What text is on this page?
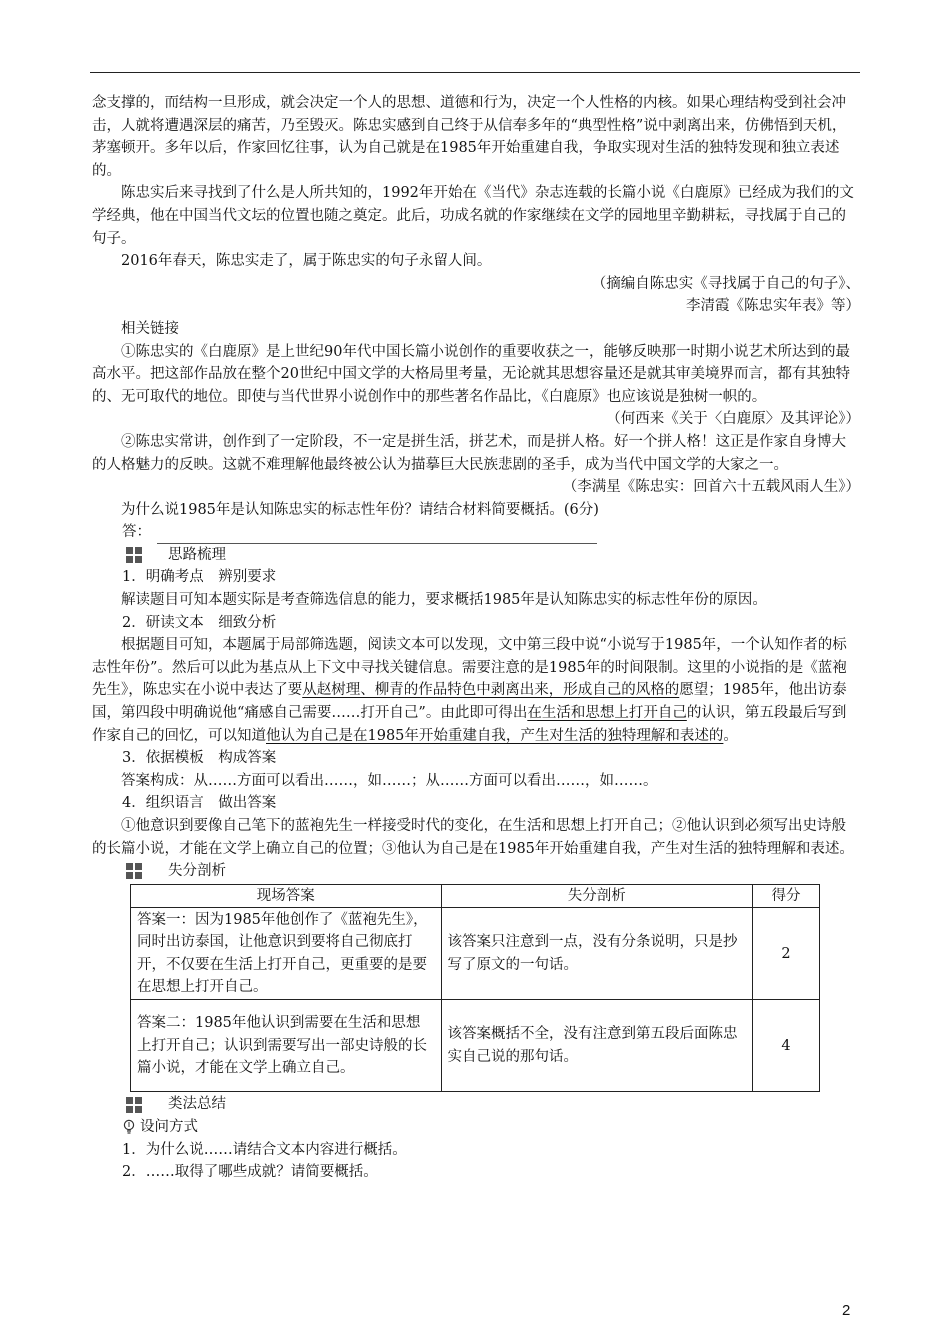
念支撑的，而结构一旦形成，就会决定一个人的思想、道德和行为，决定一个人性格的内核。如果心理结构受到社会冲击，人就将遭遇深层的痛苦，乃至毁灭。陈忠实感到自己终于从信奉多年的“典型性格”说中剥离出来，仿佛悟到天机，茅塞顿开。多年以后，作家回忆往事，认为自己就是在1985年开始重建自我，争取实现对生活的独特发现和独立表述的。

陈忠实后来寻找到了什么是人所共知的，1992年开始在《当代》杂志连载的长篇小说《白鹿原》已经成为我们的文学经典，他在中国当代文坛的位置也随之奠定。此后，功成名就的作家继续在文学的园地里辛勤耕耘，寻找属于自己的句子。

2016年春天，陈忠实走了，属于陈忠实的句子永留人间。

（摘编自陈忠实《寻找属于自己的句子》、

李清霞《陈忠实年表》等）

相关链接

①陈忠实的《白鹿原》是上世纪90年代中国长篇小说创作的重要收获之一，能够反映那一时期小说艺术所达到的最高水平。把这部作品放在整个20世纪中国文学的大格局里考量，无论就其思想容量还是就其审美境界而言，都有其独特的、无可取代的地位。即使与当代世界小说创作中的那些著名作品比，《白鹿原》也应该说是独树一帜的。

（何西来《关于〈白鹿原〉及其评论》）

②陈忠实常讲，创作到了一定阶段，不一定是拼生活，拼艺术，而是拼人格。好一个拼人格！这正是作家自身博大的人格魅力的反映。这就不难理解他最终被公认为描摹巨大民族悲剧的圣手，成为当代中国文学的大家之一。

（李满星《陈忠实：回首六十五载风雨人生》）

为什么说1985年是认知陈忠实的标志性年份？请结合材料简要概括。(6分)

答：
思路梳理

1．明确考点　辨别要求

解读题目可知本题实际是考查筛选信息的能力，要求概括1985年是认知陈忠实的标志性年份的原因。

2．研读文本　细致分析

根据题目可知，本题属于局部筛选题，阅读文本可以发现，文中第三段中说“小说写于1985年，一个认知作者的标志性年份”。然后可以此为基点从上下文中寻找关键信息。需要注意的是1985年的时间限制。这里的小说指的是《蓝袍先生》，陈忠实在小说中表达了要从赵树理、柳青的作品特色中剥离出来，形成自己的风格的愿望；1985年，他出访泰国，第四段中明确说他“痛感自己需要……打开自己”。由此即可得出在生活和思想上打开自己的认识，第五段最后写到作家自己的回忆，可以知道他认为自己是在1985年开始重建自我，产生对生活的独特理解和表述的。

3．依据模板　构成答案

答案构成：从……方面可以看出……，如……；从……方面可以看出……，如……。

4．组织语言　做出答案

①他意识到要像自己笔下的蓝袍先生一样接受时代的变化，在生活和思想上打开自己；②他认识到必须写出史诗般的长篇小说，才能在文学上确立自己的位置；③他认为自己是在1985年开始重建自我，产生对生活的独特理解和表述。

失分剖析
现场答案	失分剖析	得分
答案一：因为1985年他创作了《蓝袍先生》，同时出访泰国，让他意识到要将自己彻底打开，不仅要在生活上打开自己，更重要的是要在思想上打开自己。	该答案只注意到一点，没有分条说明，只是抄写了原文的一句话。	2
答案二：1985年他认识到需要在生活和思想上打开自己；认识到需要写出一部史诗般的长篇小说，才能在文学上确立自己。	该答案概括不全，没有注意到第五段后面陈忠实自己说的那句话。	4
类法总结
设问方式

1．为什么说……请结合文本内容进行概括。

2．……取得了哪些成就？请简要概括。

2
